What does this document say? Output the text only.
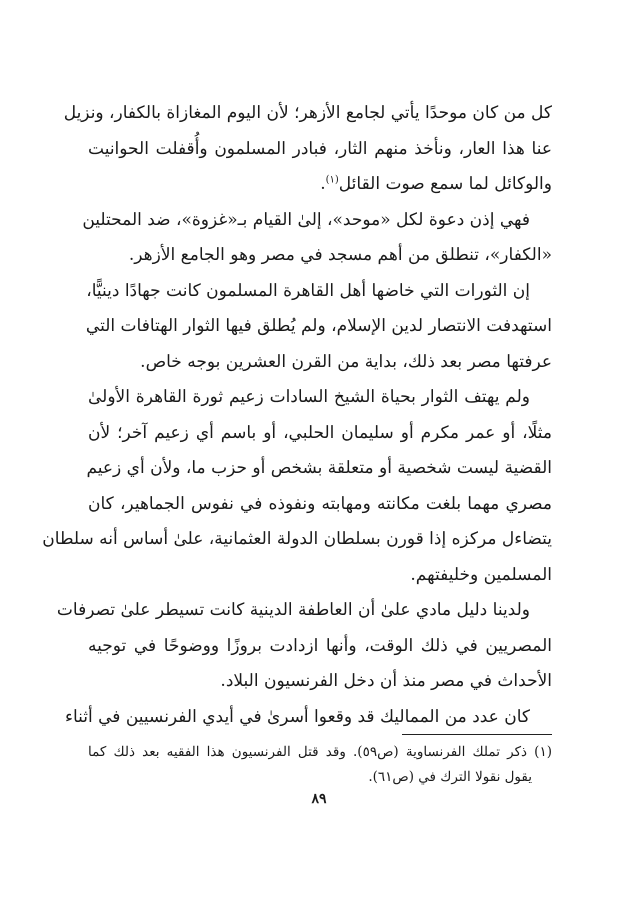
كل من كان موحدًا يأتي لجامع الأزهر؛ لأن اليوم المغازاة بالكفار، ونزيل
عنا هذا العار، ونأخذ منهم الثار، فبادر المسلمون وأُقفلت الحوانيت
والوكائل لما سمع صوت القائل$^{(١)}$.

فهي إذن دعوة لكل «موحد»، إلىٰ القيام بـ«غزوة»، ضد المحتلين
«الكفار»، تنطلق من أهم مسجد في مصر وهو الجامع الأزهر.

إن الثورات التي خاضها أهل القاهرة المسلمون كانت جهادًا دينيًّا،
استهدفت الانتصار لدين الإسلام، ولم يُطلق فيها الثوار الهتافات التي
عرفتها مصر بعد ذلك، بداية من القرن العشرين بوجه خاص.

ولم يهتف الثوار بحياة الشيخ السادات زعيم ثورة القاهرة الأولىٰ
مثلًا، أو عمر مكرم أو سليمان الحلبي، أو باسم أي زعيم آخر؛ لأن
القضية ليست شخصية أو متعلقة بشخص أو حزب ما، ولأن أي زعيم
مصري مهما بلغت مكانته ومهابته ونفوذه في نفوس الجماهير، كان
يتضاءل مركزه إذا قورن بسلطان الدولة العثمانية، علىٰ أساس أنه سلطان
المسلمين وخليفتهم.

ولدينا دليل مادي علىٰ أن العاطفة الدينية كانت تسيطر علىٰ تصرفات
المصريين في ذلك الوقت، وأنها ازدادت بروزًا ووضوحًا في توجيه
الأحداث في مصر منذ أن دخل الفرنسيون البلاد.

كان عدد من المماليك قد وقعوا أسرىٰ في أيدي الفرنسيين في أثناء

(١) ذكر تملك الفرنساوية (ص٥٩). وقد قتل الفرنسيون هذا الفقيه بعد ذلك كما
يقول نقولا الترك في (ص٦١).
٨٩
